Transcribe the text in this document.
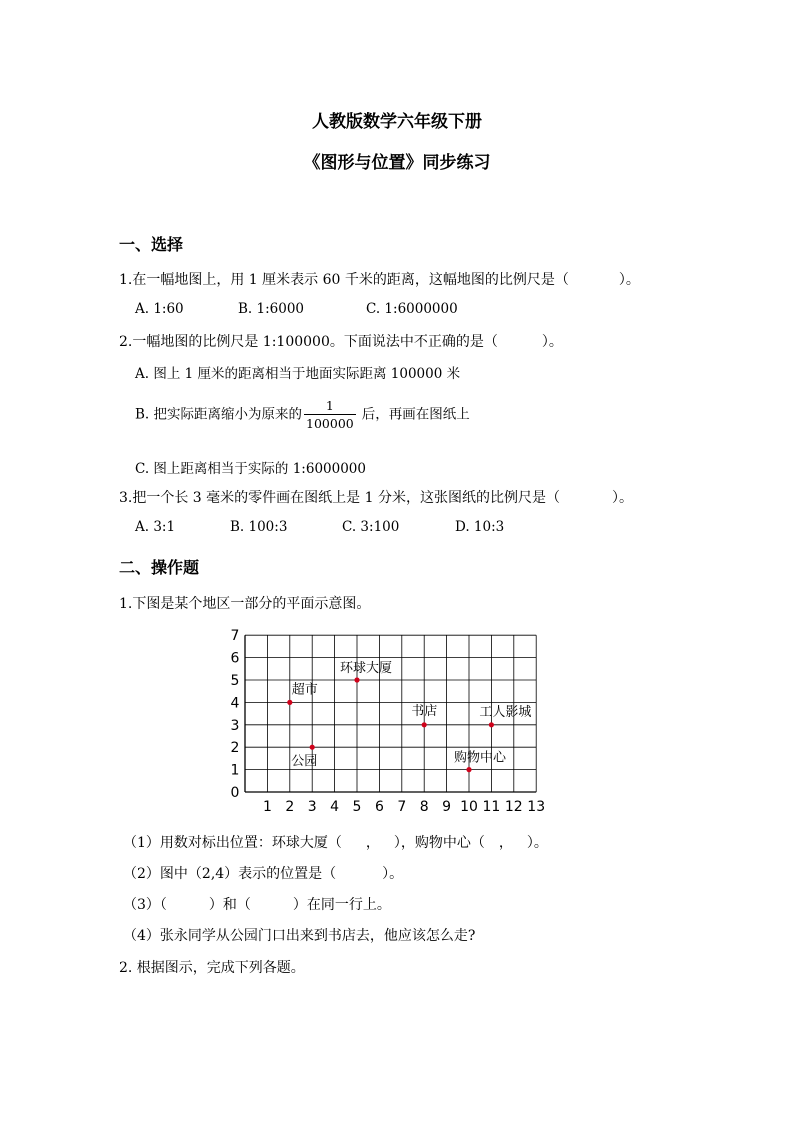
人教版数学六年级下册
《图形与位置》同步练习
一、选择
1.在一幅地图上，用 1 厘米表示 60 千米的距离，这幅地图的比例尺是（	）。
A. 1:60	B. 1:6000	C. 1:6000000
2.一幅地图的比例尺是 1:100000。下面说法中不正确的是（	）。
A. 图上 1 厘米的距离相当于地面实际距离 100000 米
B. 把实际距离缩小为原来的 $\frac{1}{100000}$ 后，再画在图纸上
C. 图上距离相当于实际的 1:6000000
3.把一个长 3 毫米的零件画在图纸上是 1 分米，这张图纸的比例尺是（	）。
A. 3:1	B. 100:3	C. 3:100	D. 10:3
二、操作题
1.下图是某个地区一部分的平面示意图。
1 2 3 4 5 6 7 8 9 10 11 12 13
0
1
2
3
4
5
6
7
环球大厦
超市
书店	工人影城
公园	购物中心
（1）用数对标出位置：环球大厦（ ， ），购物中心（ ， ）。
（2）图中（2,4）表示的位置是（	）。
（3）（	）和（	）在同一行上。
（4）张永同学从公园门口出来到书店去，他应该怎么走?
2. 根据图示，完成下列各题。
